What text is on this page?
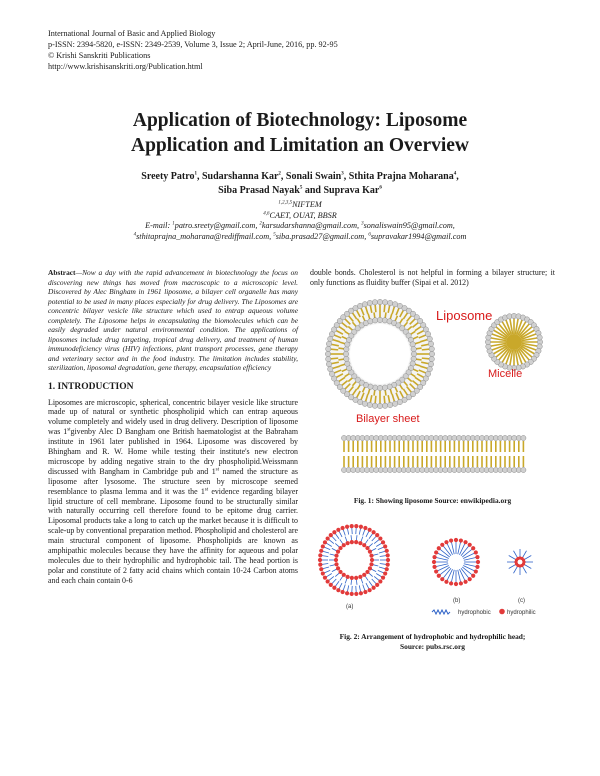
International Journal of Basic and Applied Biology
p-ISSN: 2394-5820, e-ISSN: 2349-2539, Volume 3, Issue 2; April-June, 2016, pp. 92-95
© Krishi Sanskriti Publications
http://www.krishisanskriti.org/Publication.html
Application of Biotechnology: Liposome
Application and Limitation an Overview
Sreety Patro$^1$, Sudarshanna Kar$^2$, Sonali Swain$^3$, Sthita Prajna Moharana$^4$,
Siba Prasad Nayak$^5$ and Suprava Kar$^6$
$^{1,2,3,5}$NIFTEM
$^{4,6}$CAET, OUAT, BBSR
E-mail: $^1$patro.sreety@gmail.com, $^2$karsudarshanna@gmail.com, $^3$sonaliswain95@gmail.com,
$^4$sthitaprajna_moharana@rediffmail.com, $^5$siba.prasad27@gmail.com, $^6$supravakar1994@gmail.com
Abstract—Now a day with the rapid advancement in biotechnology the focus on discovering new things has moved from macroscopic to a microscopic level. Discovered by Alec Bingham in 1961 liposome, a bilayer cell organelle has many potential to be used in many places especially for drug delivery. The Liposomes are concentric bilayer vesicle like structure which used to entrap aqueous volume completely. The Liposome helps in encapsulating the biomolecules which can be easily degraded under natural environmental condition. The applications of liposomes include drug targeting, tropical drug delivery, and treatment of human immunodeficiency virus (HIV) infections, plant transport processes, gene therapy and veterinary sector and in the food industry. The limitation includes stability, sterilization, liposomal degradation, gene therapy, encapsulation efficiency
1. INTRODUCTION
Liposomes are microscopic, spherical, concentric bilayer vesicle like structure made up of natural or synthetic phospholipid which can entrap aqueous volume completely and widely used in drug delivery. Description of liposome was 1stgivenby Alec D Bangham one British haematologist at the Babraham institute in 1961 later published in 1964. Liposome was discovered by Bhingham and R. W. Home while testing their institute's new electron microscope by adding negative strain to the dry phospholipid.Weissmann discussed with Bangham in Cambridge pub and 1st named the structure as liposome after lysosome. The structure seen by microscope seemed resemblance to plasma lemma and it was the 1st evidence regarding bilayer lipid structure of cell membrane. Liposome found to be structurally similar with naturally occurring cell therefore found to be epitome drug carrier. Liposomal products take a long to catch up the market because it is difficult to scale-up by conventional preparation method. Phospholipid and cholesterol are main structural component of liposome. Phospholipids are known as amphipathic molecules because they have the affinity for aqueous and polar molecules due to their hydrophilic and hydrophobic tail. The head portion is polar and constitute of 2 fatty acid chains which contain 10-24 Carbon atoms and each chain contain 0-6
double bonds. Cholesterol is not helpful in forming a bilayer structure; it only functions as fluidity buffer (Sipai et al. 2012)
Liposome
Micelle
Bilayer sheet
Fig. 1: Showing liposome Source: enwikipedia.org
(a)
(b)	(c)
hydrophobic	hydrophilic
Fig. 2: Arrangement of hydrophobic and hydrophilic head;
Source: pubs.rsc.org
